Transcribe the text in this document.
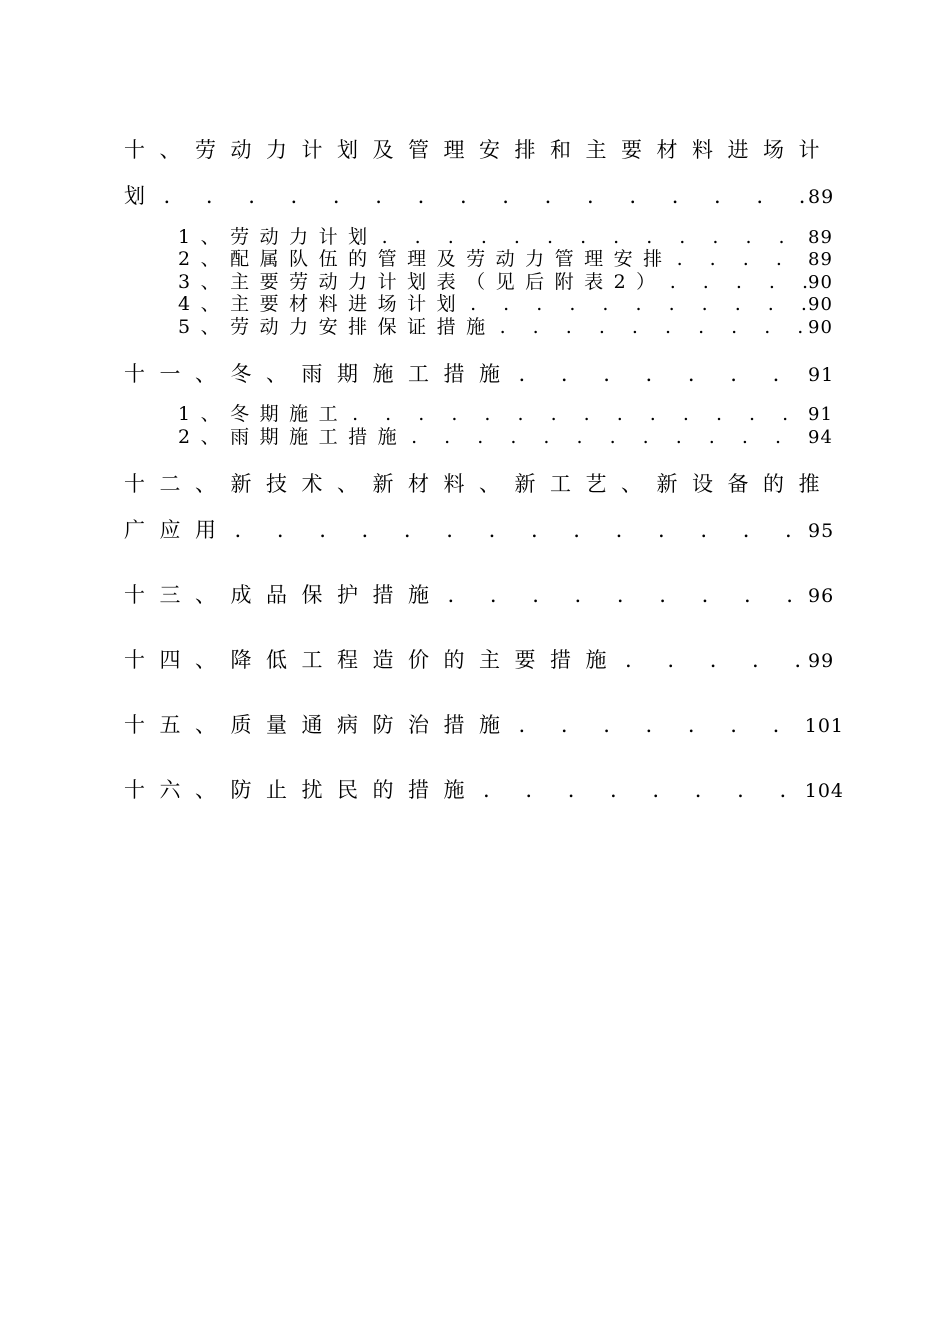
十、劳动力计划及管理安排和主要材料进场计
划 . . .	89
1、劳动力计划 . . .	89
2、配属队伍的管理及劳动力管理安排 . . .	89
3、主要劳动力计划表（见后附表2） . . .	90
4、主要材料进场计划 . . .	90
5、劳动力安排保证措施 . . .	90
十一、冬、雨期施工措施 . . .	91
1、冬期施工 . . .	91
2、雨期施工措施 . . .	94
十二、新技术、新材料、新工艺、新设备的推
广应用 . . .	95
十三、成品保护措施 . . .	96
十四、降低工程造价的主要措施 . . .	99
十五、质量通病防治措施 . . .	101
十六、防止扰民的措施 . . .	104
